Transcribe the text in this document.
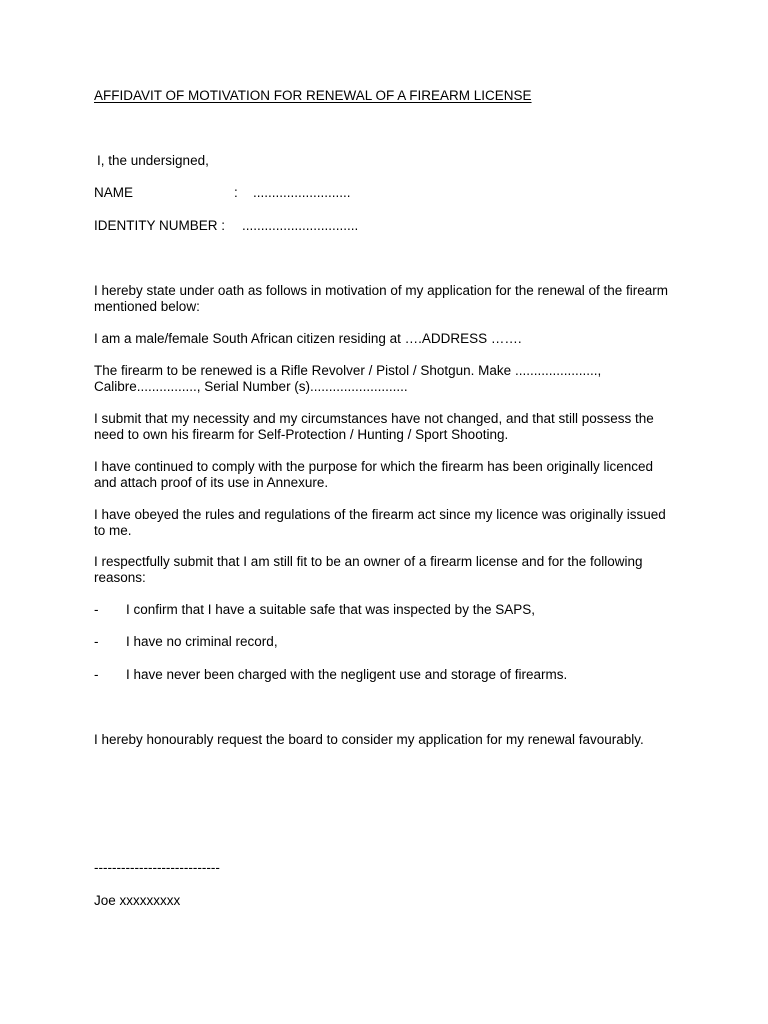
AFFIDAVIT OF MOTIVATION FOR RENEWAL OF A FIREARM LICENSE

I, the undersigned,

NAME	: ..........................

IDENTITY NUMBER : ...............................

I hereby state under oath as follows in motivation of my application for the renewal of the firearm mentioned below:

I am a male/female South African citizen residing at ….ADDRESS …….

The firearm to be renewed is a Rifle Revolver / Pistol / Shotgun. Make ......................, Calibre................, Serial Number (s)..........................

I submit that my necessity and my circumstances have not changed, and that still possess the need to own his firearm for Self-Protection / Hunting / Sport Shooting.

I have continued to comply with the purpose for which the firearm has been originally licenced and attach proof of its use in Annexure.

I have obeyed the rules and regulations of the firearm act since my licence was originally issued to me.

I respectfully submit that I am still fit to be an owner of a firearm license and for the following reasons:

- I confirm that I have a suitable safe that was inspected by the SAPS,
- I have no criminal record,
- I have never been charged with the negligent use and storage of firearms.

I hereby honourably request the board to consider my application for my renewal favourably.

----------------------------

Joe xxxxxxxxx
